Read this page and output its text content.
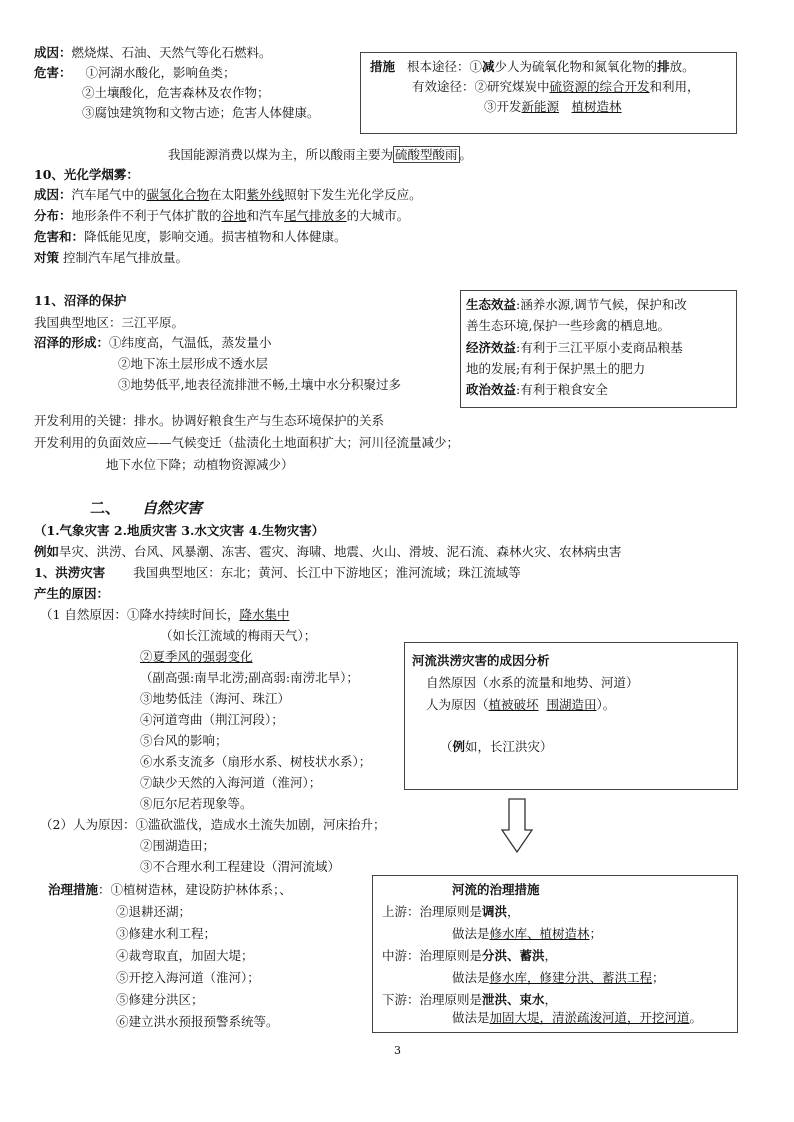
成因：燃烧煤、石油、天然气等化石燃料。
危害： ①河湖水酸化，影响鱼类；
②土壤酸化，危害森林及农作物；
③腐蚀建筑物和文物古迹；危害人体健康。
措施 根本途径：①减少人为硫氧化物和氮氧化物的排放。
有效途径：②研究煤炭中硫资源的综合开发和利用，
③开发新能源　 植树造林
我国能源消费以煤为主，所以酸雨主要为 硫酸型酸雨 。
10、光化学烟雾：
成因：汽车尾气中的碳氢化合物在太阳紫外线照射下发生光化学反应。
分布：地形条件不利于气体扩散的谷地和汽车尾气排放多的大城市。
危害和：降低能见度，影响交通。损害植物和人体健康。
对策 控制汽车尾气排放量。
11、沼泽的保护
我国典型地区：三江平原。
沼泽的形成：①纬度高，气温低，蒸发量小
②地下冻土层形成不透水层
③地势低平,地表径流排泄不畅,土壤中水分积聚过多
开发利用的关键：排水。协调好粮食生产与生态环境保护的关系
开发利用的负面效应——气候变迁（盐渍化土地面积扩大；河川径流量减少；
地下水位下降；动植物资源减少）
生态效益:涵养水源,调节气候，保护和改
善生态环境,保护一些珍禽的栖息地。
经济效益:有利于三江平原小麦商品粮基
地的发展;有利于保护黑土的肥力
政治效益:有利于粮食安全
二、 自然灾害
（1.气象灾害 2.地质灾害 3.水文灾害 4.生物灾害）
例如旱灾、洪涝、台风、风暴潮、冻害、雹灾、海啸、地震、火山、滑坡、泥石流、森林火灾、农林病虫害
1、洪涝灾害 我国典型地区：东北；黄河、长江中下游地区；淮河流域；珠江流域等
产生的原因：
（1 自然原因：①降水持续时间长，降水集中
（如长江流域的梅雨天气）；
②夏季风的强弱变化
（副高强:南旱北涝;副高弱:南涝北旱）；
③地势低洼（海河、珠江）
④河道弯曲（荆江河段）；
⑤台风的影响；
⑥水系支流多（扇形水系、树枝状水系）；
⑦缺少天然的入海河道（淮河）；
⑧厄尔尼若现象等。
（2）人为原因：①滥砍滥伐，造成水土流失加剧，河床抬升；
②围湖造田；
③不合理水利工程建设（渭河流域）
河流洪涝灾害的成因分析
自然原因（水系的流量和地势、河道）
人为原因（植被破坏 围湖造田）。
（例如，长江洪灾）
治理措施：①植树造林，建设防护林体系；、
②退耕还湖；
③修建水利工程；
④裁弯取直，加固大堤；
⑤开挖入海河道（淮河）；
⑤修建分洪区；
⑥建立洪水预报预警系统等。
河流的治理措施
上游：治理原则是调洪，
做法是修水库、植树造林；
中游：治理原则是分洪、蓄洪，
做法是修水库，修建分洪、蓄洪工程；
下游：治理原则是泄洪、束水，
做法是加固大堤，清淤疏浚河道，开挖河道。
3
